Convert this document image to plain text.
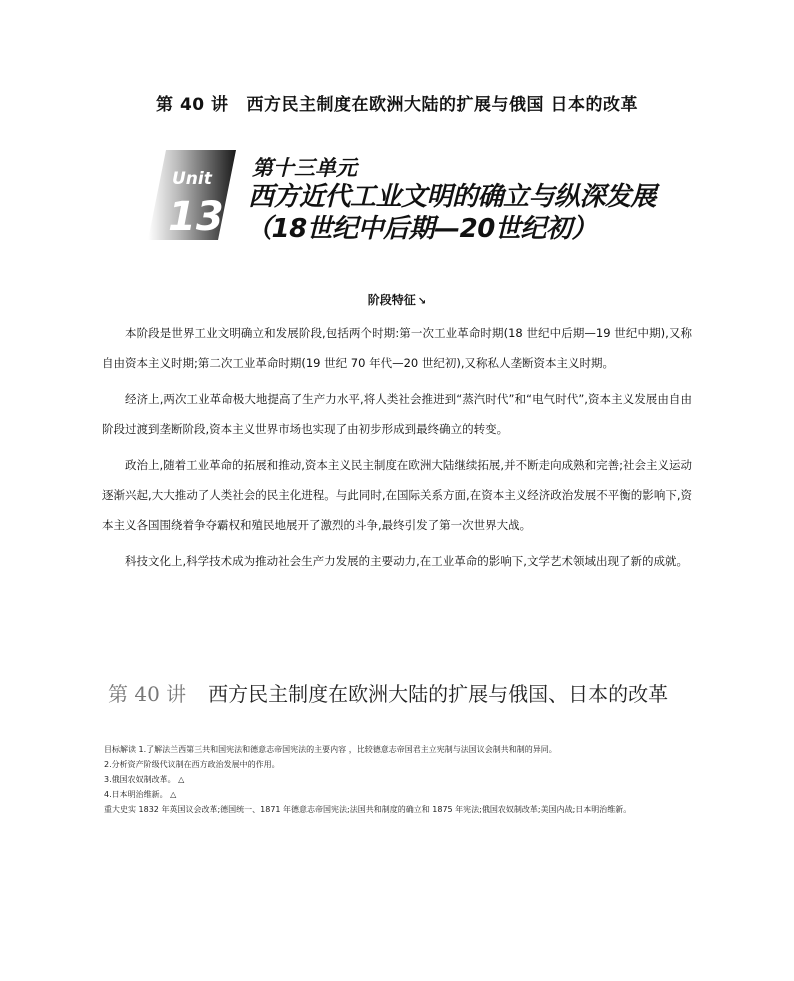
第 40 讲 西方民主制度在欧洲大陆的扩展与俄国 日本的改革
Unit
13
第十三单元
西方近代工业文明的确立与纵深发展
（18世纪中后期—20世纪初）
阶段特征 ↘

本阶段是世界工业文明确立和发展阶段,包括两个时期:第一次工业革命时期(18 世纪中后期—19 世纪中期),又称自由资本主义时期;第二次工业革命时期(19 世纪 70 年代—20 世纪初),又称私人垄断资本主义时期。

经济上,两次工业革命极大地提高了生产力水平,将人类社会推进到“蒸汽时代”和“电气时代”,资本主义发展由自由阶段过渡到垄断阶段,资本主义世界市场也实现了由初步形成到最终确立的转变。

政治上,随着工业革命的拓展和推动,资本主义民主制度在欧洲大陆继续拓展,并不断走向成熟和完善;社会主义运动逐渐兴起,大大推动了人类社会的民主化进程。与此同时,在国际关系方面,在资本主义经济政治发展不平衡的影响下,资本主义各国围绕着争夺霸权和殖民地展开了激烈的斗争,最终引发了第一次世界大战。

科技文化上,科学技术成为推动社会生产力发展的主要动力,在工业革命的影响下,文学艺术领域出现了新的成就。

第 40 讲 西方民主制度在欧洲大陆的扩展与俄国、日本的改革
目标解读 1.了解法兰西第三共和国宪法和德意志帝国宪法的主要内容 ，比较德意志帝国君主立宪制与法国议会制共和制的异同。
2.分析资产阶级代议制在西方政治发展中的作用。
3.俄国农奴制改革。 △
4.日本明治维新。 △
重大史实 1832 年英国议会改革;德国统一、1871 年德意志帝国宪法;法国共和制度的确立和 1875 年宪法;俄国农奴制改革;美国内战;日本明治维新。
